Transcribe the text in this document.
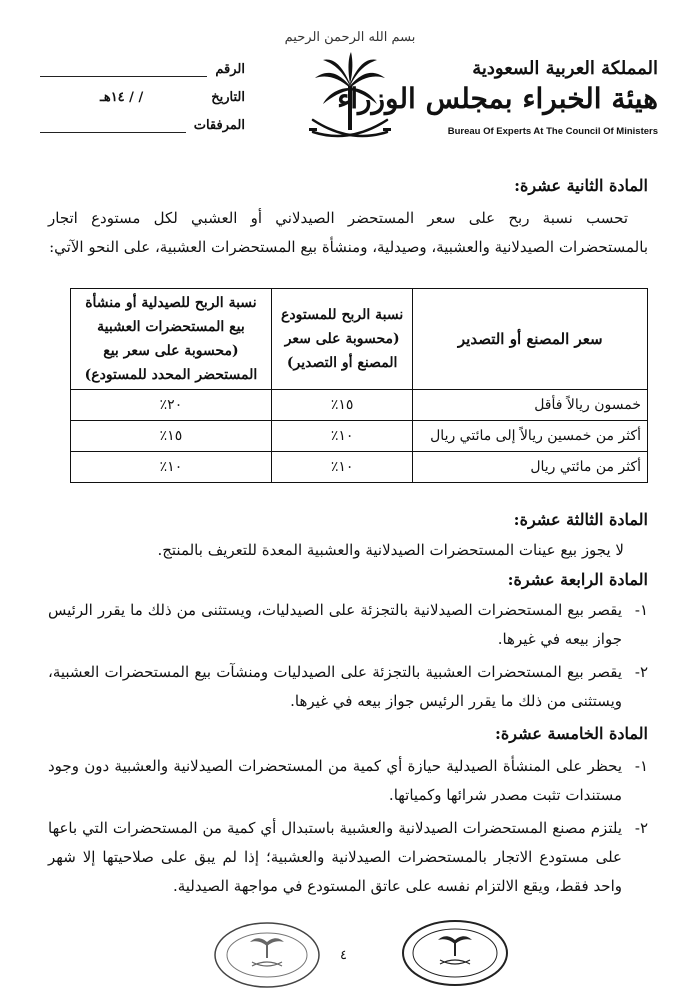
بسم الله الرحمن الرحيم
المملكة العربية السعودية
هيئة الخبراء بمجلس الوزراء
Bureau Of Experts At The Council Of Ministers
الرقم
التاريخ
/ / ١٤هـ
المرفقات
المادة الثانية عشرة:
تحسب نسبة ربح على سعر المستحضر الصيدلاني أو العشبي لكل مستودع اتجار بالمستحضرات الصيدلانية والعشبية، وصيدلية، ومنشأة بيع المستحضرات العشبية، على النحو الآتي:
سعر المصنع أو التصدير	نسبة الربح للمستودع (محسوبة على سعر المصنع أو التصدير)	نسبة الربح للصيدلية أو منشأة بيع المستحضرات العشبية (محسوبة على سعر بيع المستحضر المحدد للمستودع)
خمسون ريالاً فأقل	١٥٪	٢٠٪
أكثر من خمسين ريالاً إلى مائتي ريال	١٠٪	١٥٪
أكثر من مائتي ريال	١٠٪	١٠٪
المادة الثالثة عشرة:
لا يجوز بيع عينات المستحضرات الصيدلانية والعشبية المعدة للتعريف بالمنتج.
المادة الرابعة عشرة:
١-
يقصر بيع المستحضرات الصيدلانية بالتجزئة على الصيدليات، ويستثنى من ذلك ما يقرر الرئيس جواز بيعه في غيرها.
٢-
يقصر بيع المستحضرات العشبية بالتجزئة على الصيدليات ومنشآت بيع المستحضرات العشبية، ويستثنى من ذلك ما يقرر الرئيس جواز بيعه في غيرها.
المادة الخامسة عشرة:
١-
يحظر على المنشأة الصيدلية حيازة أي كمية من المستحضرات الصيدلانية والعشبية دون وجود مستندات تثبت مصدر شرائها وكمياتها.
٢-
يلتزم مصنع المستحضرات الصيدلانية والعشبية باستبدال أي كمية من المستحضرات التي باعها على مستودع الاتجار بالمستحضرات الصيدلانية والعشبية؛ إذا لم يبق على صلاحيتها إلا شهر واحد فقط، ويقع الالتزام نفسه على عاتق المستودع في مواجهة الصيدلية.
٤
